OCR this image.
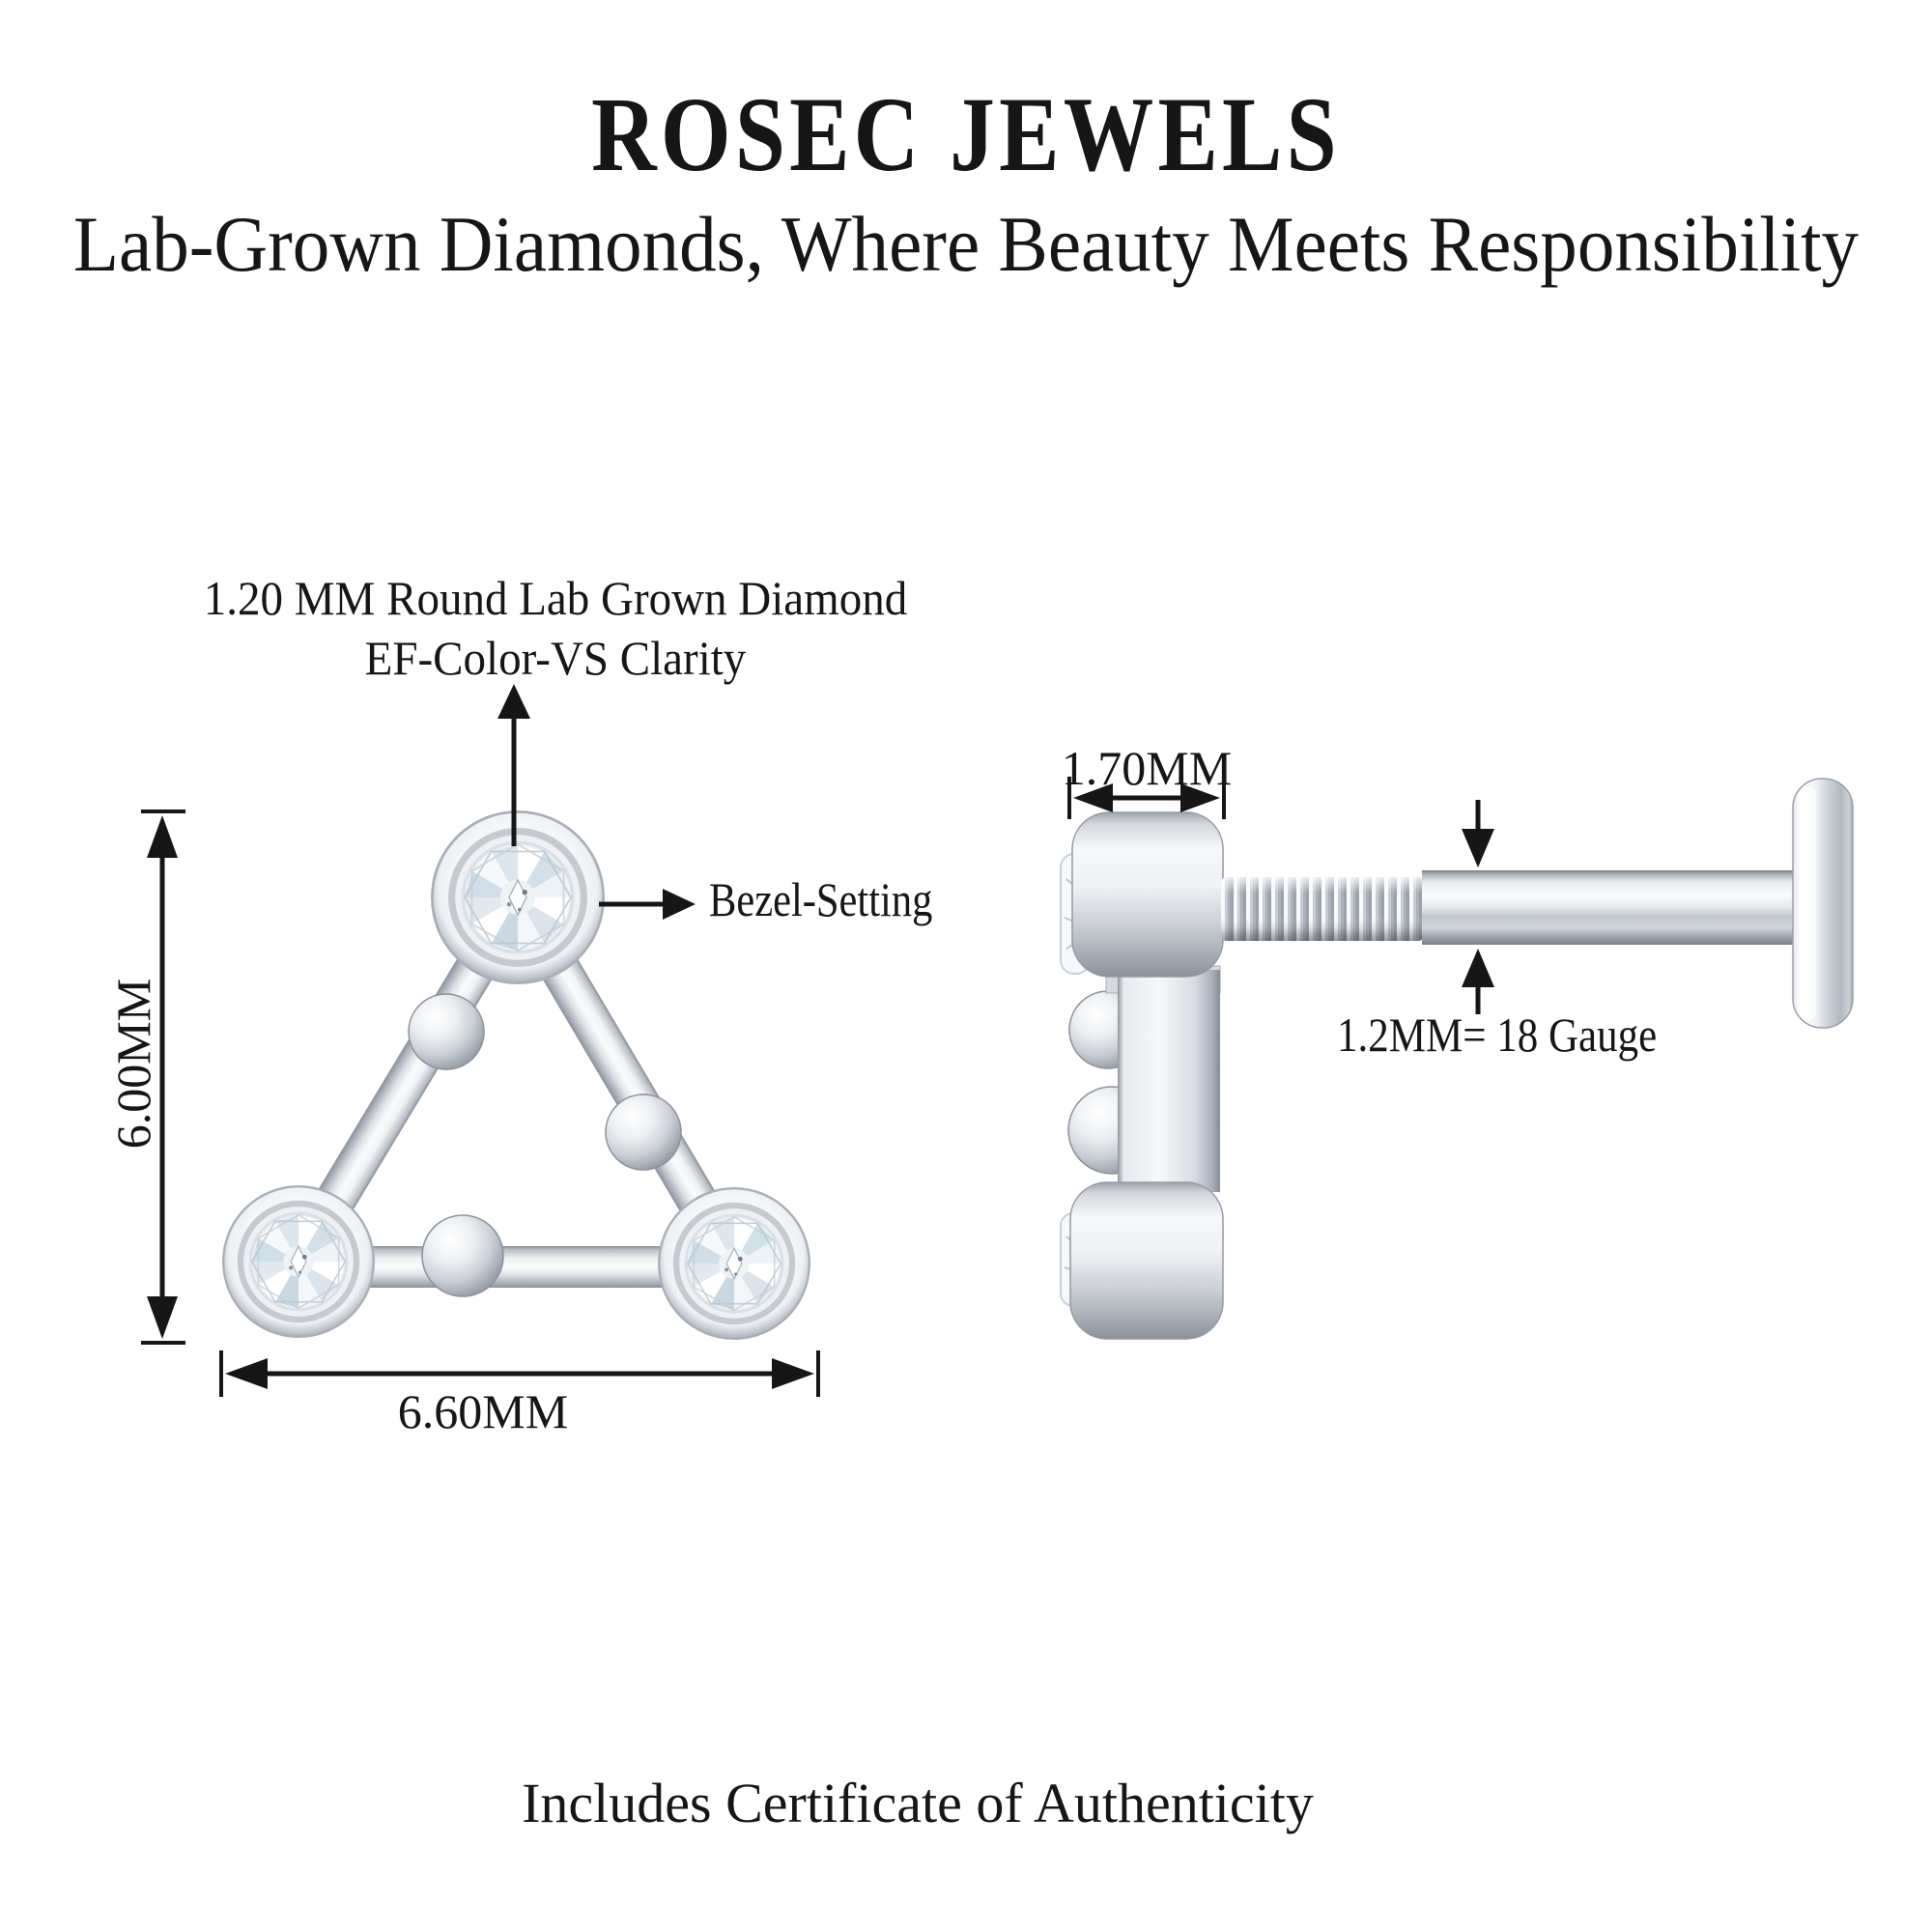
ROSEC JEWELS
Lab-Grown Diamonds, Where Beauty Meets Responsibility
1.20 MM Round Lab Grown Diamond
EF-Color-VS Clarity
Bezel-Setting
6.00MM
6.60MM
1.70MM
1.2MM= 18 Gauge
Includes Certificate of Authenticity
